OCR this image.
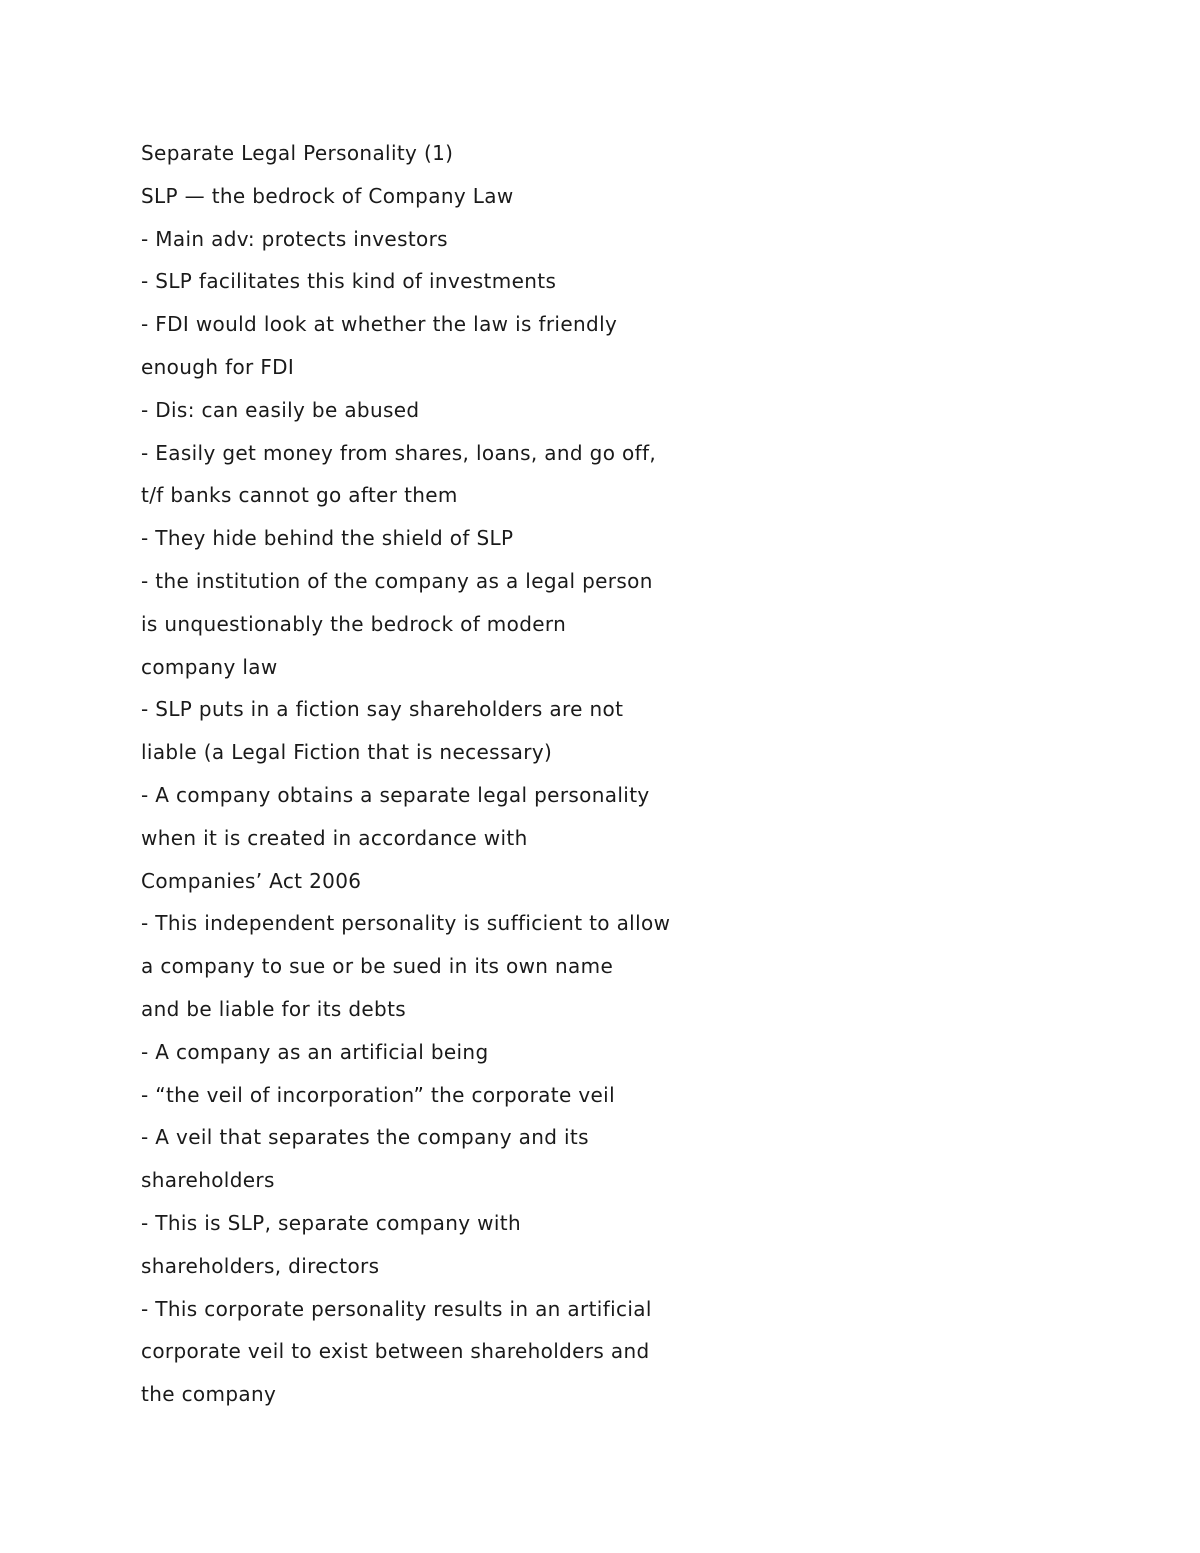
Separate Legal Personality (1)

SLP — the bedrock of Company Law

- Main adv: protects investors

- SLP facilitates this kind of investments

- FDI would look at whether the law is friendly

enough for FDI

- Dis: can easily be abused

- Easily get money from shares, loans, and go off,

t/f banks cannot go after them

- They hide behind the shield of SLP

- the institution of the company as a legal person

is unquestionably the bedrock of modern

company law

- SLP puts in a fiction say shareholders are not

liable (a Legal Fiction that is necessary)

- A company obtains a separate legal personality

when it is created in accordance with

Companies’ Act 2006

- This independent personality is sufficient to allow

a company to sue or be sued in its own name

and be liable for its debts

- A company as an artificial being

- “the veil of incorporation” the corporate veil

- A veil that separates the company and its

shareholders

- This is SLP, separate company with

shareholders, directors

- This corporate personality results in an artificial

corporate veil to exist between shareholders and

the company
